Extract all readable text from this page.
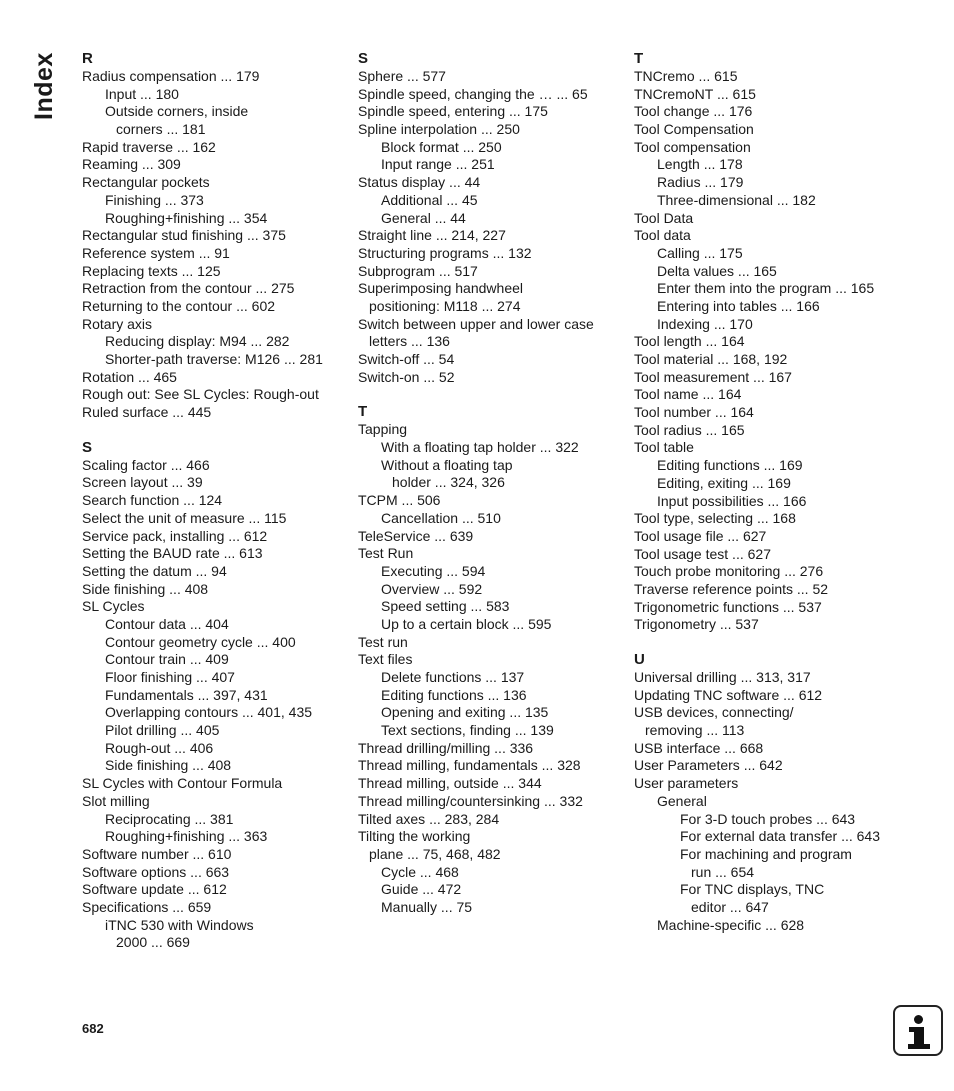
Index R
Radius compensation ... 179
Input ... 180
Outside corners, inside
corners ... 181
Rapid traverse ... 162
Reaming ... 309
Rectangular pockets
Finishing ... 373
Roughing+finishing ... 354
Rectangular stud finishing ... 375
Reference system ... 91
Replacing texts ... 125
Retraction from the contour ... 275
Returning to the contour ... 602
Rotary axis
Reducing display: M94 ... 282
Shorter-path traverse: M126 ... 281
Rotation ... 465
Rough out: See SL Cycles: Rough-out
Ruled surface ... 445
S
Scaling factor ... 466
Screen layout ... 39
Search function ... 124
Select the unit of measure ... 115
Service pack, installing ... 612
Setting the BAUD rate ... 613
Setting the datum ... 94
Side finishing ... 408
SL Cycles
Contour data ... 404
Contour geometry cycle ... 400
Contour train ... 409
Floor finishing ... 407
Fundamentals ... 397, 431
Overlapping contours ... 401, 435
Pilot drilling ... 405
Rough-out ... 406
Side finishing ... 408
SL Cycles with Contour Formula
Slot milling
Reciprocating ... 381
Roughing+finishing ... 363
Software number ... 610
Software options ... 663
Software update ... 612
Specifications ... 659
iTNC 530 with Windows
2000 ... 669
S
Sphere ... 577
Spindle speed, changing the … ... 65
Spindle speed, entering ... 175
Spline interpolation ... 250
Block format ... 250
Input range ... 251
Status display ... 44
Additional ... 45
General ... 44
Straight line ... 214, 227
Structuring programs ... 132
Subprogram ... 517
Superimposing handwheel
positioning: M118 ... 274
Switch between upper and lower case
letters ... 136
Switch-off ... 54
Switch-on ... 52
T
Tapping
With a floating tap holder ... 322
Without a floating tap
holder ... 324, 326
TCPM ... 506
Cancellation ... 510
TeleService ... 639
Test Run
Executing ... 594
Overview ... 592
Speed setting ... 583
Up to a certain block ... 595
Test run
Text files
Delete functions ... 137
Editing functions ... 136
Opening and exiting ... 135
Text sections, finding ... 139
Thread drilling/milling ... 336
Thread milling, fundamentals ... 328
Thread milling, outside ... 344
Thread milling/countersinking ... 332
Tilted axes ... 283, 284
Tilting the working
plane ... 75, 468, 482
Cycle ... 468
Guide ... 472
Manually ... 75
T
TNCremo ... 615
TNCremoNT ... 615
Tool change ... 176
Tool Compensation
Tool compensation
Length ... 178
Radius ... 179
Three-dimensional ... 182
Tool Data
Tool data
Calling ... 175
Delta values ... 165
Enter them into the program ... 165
Entering into tables ... 166
Indexing ... 170
Tool length ... 164
Tool material ... 168, 192
Tool measurement ... 167
Tool name ... 164
Tool number ... 164
Tool radius ... 165
Tool table
Editing functions ... 169
Editing, exiting ... 169
Input possibilities ... 166
Tool type, selecting ... 168
Tool usage file ... 627
Tool usage test ... 627
Touch probe monitoring ... 276
Traverse reference points ... 52
Trigonometric functions ... 537
Trigonometry ... 537
U
Universal drilling ... 313, 317
Updating TNC software ... 612
USB devices, connecting/
removing ... 113
USB interface ... 668
User Parameters ... 642
User parameters
General
For 3-D touch probes ... 643
For external data transfer ... 643
For machining and program
run ... 654
For TNC displays, TNC
editor ... 647
Machine-specific ... 628
682
